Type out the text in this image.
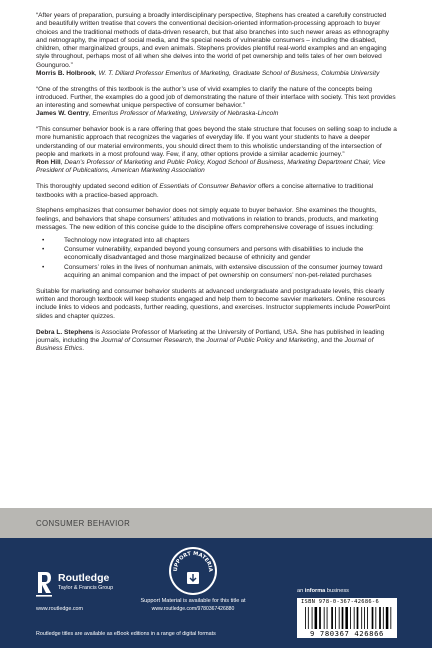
“After years of preparation, pursuing a broadly interdisciplinary perspective, Stephens has created a carefully constructed and beautifully written treatise that covers the conventional decision-oriented information-processing approach to buyer choices and the traditional methods of data-driven research, but that also branches into such newer areas as ethnography and netnography, the impact of social media, and the special needs of vulnerable consumers – including the disabled, children, other marginalized groups, and even animals. Stephens provides plentiful real-world examples and an engaging style throughout, perhaps most of all when she delves into the world of pet ownership and tells tales of her own beloved Gounguroo.”

Morris B. Holbrook, W. T. Dillard Professor Emeritus of Marketing, Graduate School of Business, Columbia University

“One of the strengths of this textbook is the author’s use of vivid examples to clarify the nature of the concepts being introduced. Further, the examples do a good job of demonstrating the nature of their interface with society. This text provides an interesting and somewhat unique perspective of consumer behavior.”

James W. Gentry, Emeritus Professor of Marketing, University of Nebraska-Lincoln

“This consumer behavior book is a rare offering that goes beyond the stale structure that focuses on selling soap to include a more humanistic approach that recognizes the vagaries of everyday life. If you want your students to have a deeper understanding of our material environments, you should direct them to this wholistic understanding of the intersection of people and markets in a most profound way. Few, if any, other options provide a similar academic journey.”

Ron Hill, Dean’s Professor of Marketing and Public Policy, Kogod School of Business, Marketing Department Chair, Vice President of Publications, American Marketing Association

This thoroughly updated second edition of Essentials of Consumer Behavior offers a concise alternative to traditional textbooks with a practice-based approach.

Stephens emphasizes that consumer behavior does not simply equate to buyer behavior. She examines the thoughts, feelings, and behaviors that shape consumers’ attitudes and motivations in relation to brands, products, and marketing messages. The new edition of this concise guide to the discipline offers comprehensive coverage of issues including:

• Technology now integrated into all chapters
• Consumer vulnerability, expanded beyond young consumers and persons with disabilities to include the economically disadvantaged and those marginalized because of ethnicity and gender
• Consumers’ roles in the lives of nonhuman animals, with extensive discussion of the consumer journey toward acquiring an animal companion and the impact of pet ownership on consumers’ non-pet-related purchases

Suitable for marketing and consumer behavior students at advanced undergraduate and postgraduate levels, this clearly written and thorough textbook will keep students engaged and help them to become savvier marketers. Online resources include links to videos and podcasts, further reading, questions, and exercises. Instructor supplements include PowerPoint slides and chapter quizzes.

Debra L. Stephens is Associate Professor of Marketing at the University of Portland, USA. She has published in leading journals, including the Journal of Consumer Research, the Journal of Public Policy and Marketing, and the Journal of Business Ethics.

CONSUMER BEHAVIOR
Routledge
Taylor & Francis Group
www.routledge.com
UPPORT MATERIA
Support Material is available for this title at
www.routledge.com/9780367426880
Routledge titles are available as eBook editions in a range of digital formats
an informa business
ISBN 978-0-367-42686-6
9 780367 426866
